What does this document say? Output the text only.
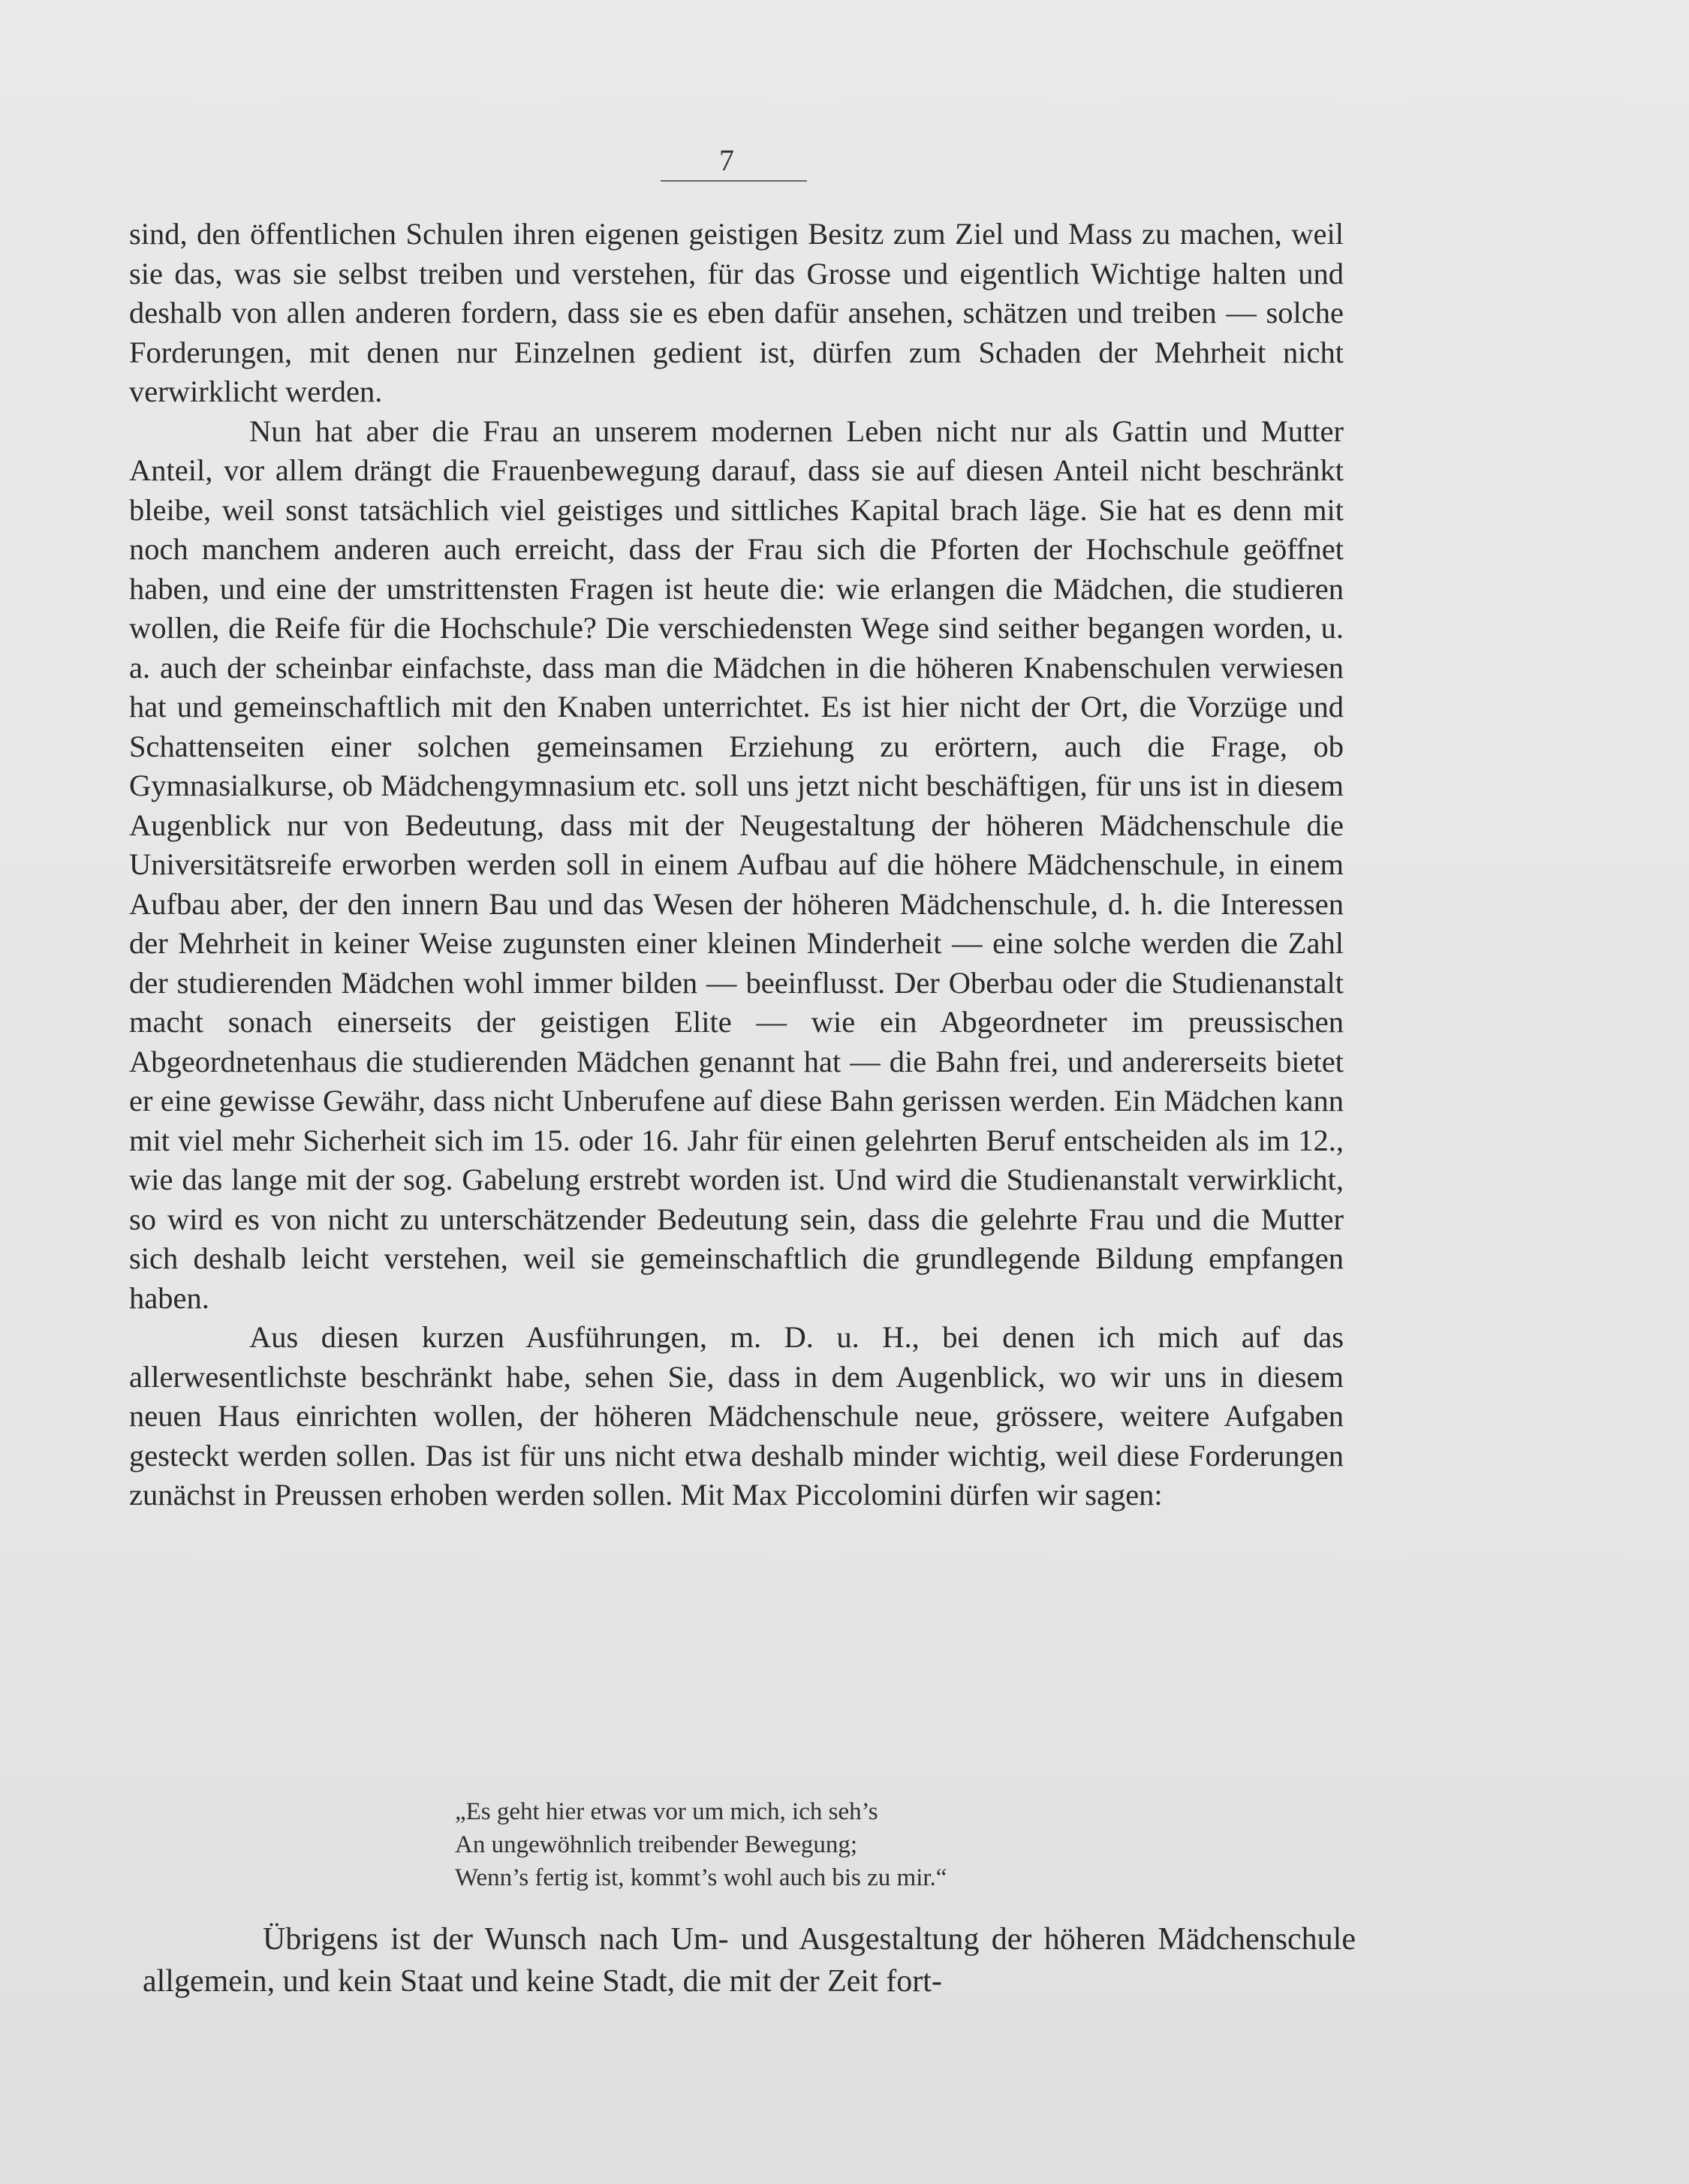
7

sind, den öffentlichen Schulen ihren eigenen geistigen Besitz zum Ziel und Mass zu machen, weil sie das, was sie selbst treiben und verstehen, für das Grosse und eigentlich Wichtige halten und deshalb von allen anderen fordern, dass sie es eben dafür ansehen, schätzen und treiben — solche Forderungen, mit denen nur Einzelnen gedient ist, dürfen zum Schaden der Mehrheit nicht verwirklicht werden.

Nun hat aber die Frau an unserem modernen Leben nicht nur als Gattin und Mutter Anteil, vor allem drängt die Frauenbewegung darauf, dass sie auf diesen Anteil nicht beschränkt bleibe, weil sonst tatsächlich viel geistiges und sittliches Kapital brach läge. Sie hat es denn mit noch manchem anderen auch erreicht, dass der Frau sich die Pforten der Hochschule geöffnet haben, und eine der umstrittensten Fragen ist heute die: wie erlangen die Mädchen, die studieren wollen, die Reife für die Hochschule? Die verschiedensten Wege sind seither begangen worden, u. a. auch der scheinbar einfachste, dass man die Mädchen in die höheren Knabenschulen verwiesen hat und gemeinschaftlich mit den Knaben unterrichtet. Es ist hier nicht der Ort, die Vorzüge und Schattenseiten einer solchen gemeinsamen Erziehung zu erörtern, auch die Frage, ob Gymnasialkurse, ob Mädchengymnasium etc. soll uns jetzt nicht beschäftigen, für uns ist in diesem Augenblick nur von Bedeutung, dass mit der Neugestaltung der höheren Mädchenschule die Universitätsreife erworben werden soll in einem Aufbau auf die höhere Mädchenschule, in einem Aufbau aber, der den innern Bau und das Wesen der höheren Mädchenschule, d. h. die Interessen der Mehrheit in keiner Weise zugunsten einer kleinen Minderheit — eine solche werden die Zahl der studierenden Mädchen wohl immer bilden — beeinflusst. Der Oberbau oder die Studienanstalt macht sonach einerseits der geistigen Elite — wie ein Abgeordneter im preussischen Abgeordnetenhaus die studierenden Mädchen genannt hat — die Bahn frei, und andererseits bietet er eine gewisse Gewähr, dass nicht Unberufene auf diese Bahn gerissen werden. Ein Mädchen kann mit viel mehr Sicherheit sich im 15. oder 16. Jahr für einen gelehrten Beruf entscheiden als im 12., wie das lange mit der sog. Gabelung erstrebt worden ist. Und wird die Studienanstalt verwirklicht, so wird es von nicht zu unterschätzender Bedeutung sein, dass die gelehrte Frau und die Mutter sich deshalb leicht verstehen, weil sie gemeinschaftlich die grundlegende Bildung empfangen haben.

Aus diesen kurzen Ausführungen, m. D. u. H., bei denen ich mich auf das allerwesentlichste beschränkt habe, sehen Sie, dass in dem Augenblick, wo wir uns in diesem neuen Haus einrichten wollen, der höheren Mädchenschule neue, grössere, weitere Aufgaben gesteckt werden sollen. Das ist für uns nicht etwa deshalb minder wichtig, weil diese Forderungen zunächst in Preussen erhoben werden sollen. Mit Max Piccolomini dürfen wir sagen:

„Es geht hier etwas vor um mich, ich seh’s
An ungewöhnlich treibender Bewegung;
Wenn’s fertig ist, kommt’s wohl auch bis zu mir.“

Übrigens ist der Wunsch nach Um- und Ausgestaltung der höheren Mädchenschule allgemein, und kein Staat und keine Stadt, die mit der Zeit fort-
